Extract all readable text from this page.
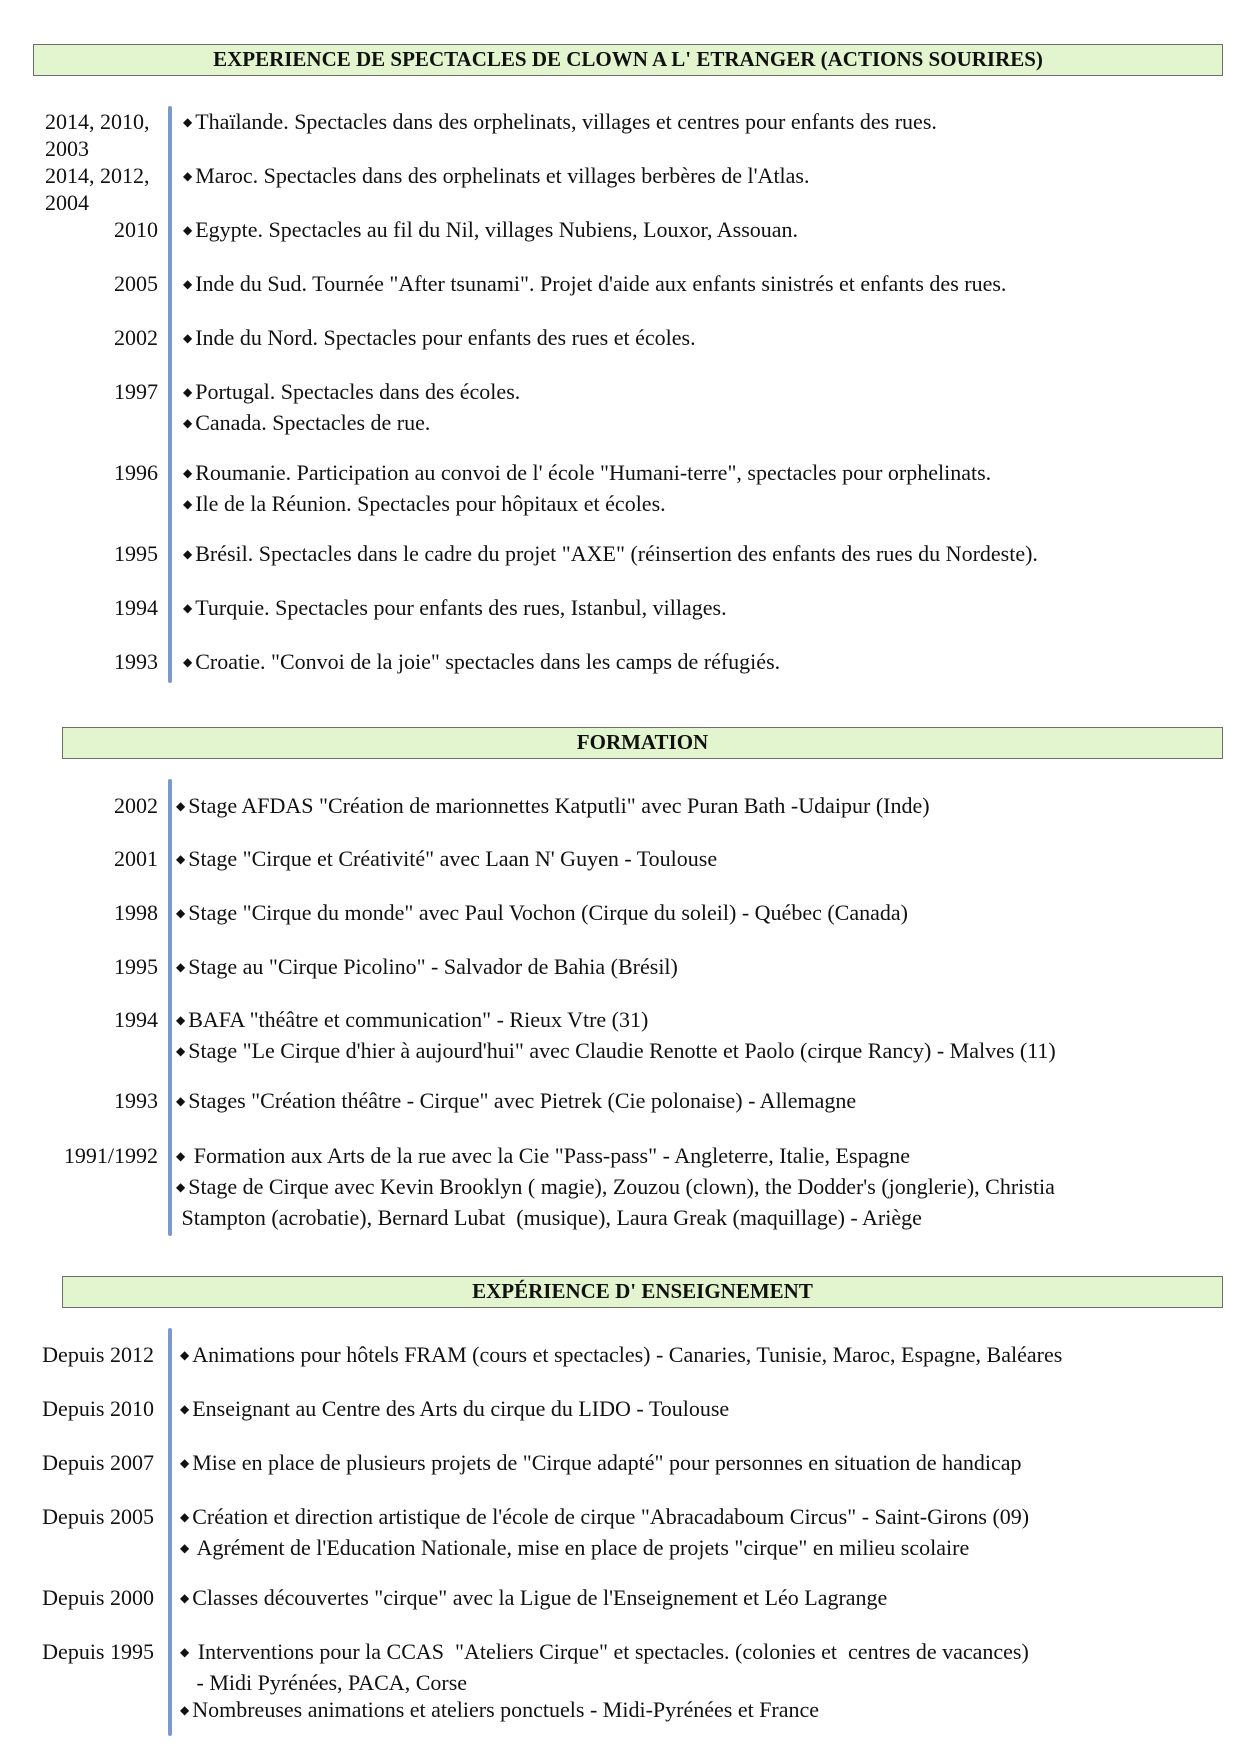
EXPERIENCE DE SPECTACLES DE CLOWN A L' ETRANGER (ACTIONS SOURIRES)
2014, 2010,
2003
◆ Thaïlande. Spectacles dans des orphelinats, villages et centres pour enfants des rues.
2014, 2012,
2004
◆ Maroc. Spectacles dans des orphelinats et villages berbères de l'Atlas.
2010 ◆ Egypte. Spectacles au fil du Nil, villages Nubiens, Louxor, Assouan.
2005 ◆ Inde du Sud. Tournée "After tsunami". Projet d'aide aux enfants sinistrés et enfants des rues.
2002 ◆ Inde du Nord. Spectacles pour enfants des rues et écoles.
1997 ◆ Portugal. Spectacles dans des écoles.
◆ Canada. Spectacles de rue.
1996 ◆ Roumanie. Participation au convoi de l' école "Humani-terre", spectacles pour orphelinats.
◆ Ile de la Réunion. Spectacles pour hôpitaux et écoles.
1995 ◆ Brésil. Spectacles dans le cadre du projet "AXE" (réinsertion des enfants des rues du Nordeste).
1994 ◆ Turquie. Spectacles pour enfants des rues, Istanbul, villages.
1993 ◆ Croatie. "Convoi de la joie" spectacles dans les camps de réfugiés.
FORMATION
2002 ◆ Stage AFDAS "Création de marionnettes Katputli" avec Puran Bath -Udaipur (Inde)
2001 ◆ Stage "Cirque et Créativité" avec Laan N' Guyen - Toulouse
1998 ◆ Stage "Cirque du monde" avec Paul Vochon (Cirque du soleil) - Québec (Canada)
1995 ◆ Stage au "Cirque Picolino" - Salvador de Bahia (Brésil)
1994 ◆ BAFA "théâtre et communication" - Rieux Vtre (31)
◆ Stage "Le Cirque d'hier à aujourd'hui" avec Claudie Renotte et Paolo (cirque Rancy) - Malves (11)
1993 ◆ Stages "Création théâtre - Cirque" avec Pietrek (Cie polonaise) - Allemagne
1991/1992 ◆ Formation aux Arts de la rue avec la Cie "Pass-pass" - Angleterre, Italie, Espagne
◆ Stage de Cirque avec Kevin Brooklyn ( magie), Zouzou (clown), the Dodder's (jonglerie), Christia
Stampton (acrobatie), Bernard Lubat  (musique), Laura Greak (maquillage) - Ariège
EXPÉRIENCE D' ENSEIGNEMENT
Depuis 2012 ◆ Animations pour hôtels FRAM (cours et spectacles) - Canaries, Tunisie, Maroc, Espagne, Baléares
Depuis 2010 ◆ Enseignant au Centre des Arts du cirque du LIDO - Toulouse
Depuis 2007 ◆ Mise en place de plusieurs projets de "Cirque adapté" pour personnes en situation de handicap
Depuis 2005 ◆ Création et direction artistique de l'école de cirque "Abracadaboum Circus" - Saint-Girons (09)
◆ Agrément de l'Education Nationale, mise en place de projets "cirque" en milieu scolaire
Depuis 2000 ◆ Classes découvertes "cirque" avec la Ligue de l'Enseignement et Léo Lagrange
Depuis 1995 ◆ Interventions pour la CCAS  "Ateliers Cirque" et spectacles. (colonies et  centres de vacances)
- Midi Pyrénées, PACA, Corse
◆ Nombreuses animations et ateliers ponctuels - Midi-Pyrénées et France
